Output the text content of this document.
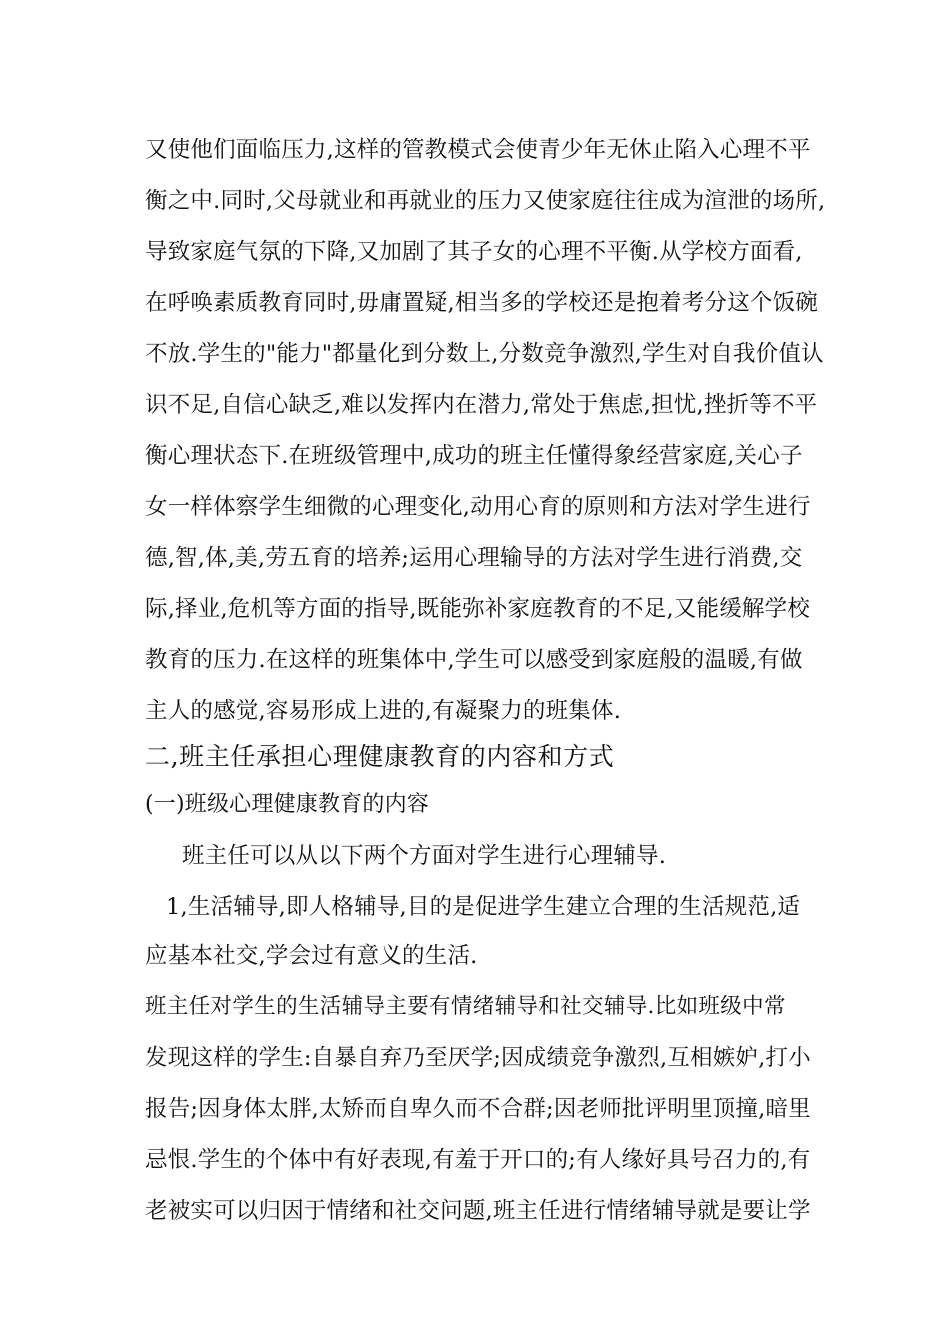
又使他们面临压力,这样的管教模式会使青少年无休止陷入心理不平
衡之中.同时,父母就业和再就业的压力又使家庭往往成为渲泄的场所,
导致家庭气氛的下降,又加剧了其子女的心理不平衡.从学校方面看,
在呼唤素质教育同时,毋庸置疑,相当多的学校还是抱着考分这个饭碗
不放.学生的"能力"都量化到分数上,分数竞争激烈,学生对自我价值认
识不足,自信心缺乏,难以发挥内在潜力,常处于焦虑,担忧,挫折等不平
衡心理状态下.在班级管理中,成功的班主任懂得象经营家庭,关心子
女一样体察学生细微的心理变化,动用心育的原则和方法对学生进行
德,智,体,美,劳五育的培养;运用心理输导的方法对学生进行消费,交
际,择业,危机等方面的指导,既能弥补家庭教育的不足,又能缓解学校
教育的压力.在这样的班集体中,学生可以感受到家庭般的温暖,有做
主人的感觉,容易形成上进的,有凝聚力的班集体.
二,班主任承担心理健康教育的内容和方式
(一)班级心理健康教育的内容
班主任可以从以下两个方面对学生进行心理辅导.
1,生活辅导,即人格辅导,目的是促进学生建立合理的生活规范,适
应基本社交,学会过有意义的生活.
班主任对学生的生活辅导主要有情绪辅导和社交辅导.比如班级中常
发现这样的学生:自暴自弃乃至厌学;因成绩竞争激烈,互相嫉妒,打小
报告;因身体太胖,太矫而自卑久而不合群;因老师批评明里顶撞,暗里
忌恨.学生的个体中有好表现,有羞于开口的;有人缘好具号召力的,有
老被实可以归因于情绪和社交问题,班主任进行情绪辅导就是要让学
